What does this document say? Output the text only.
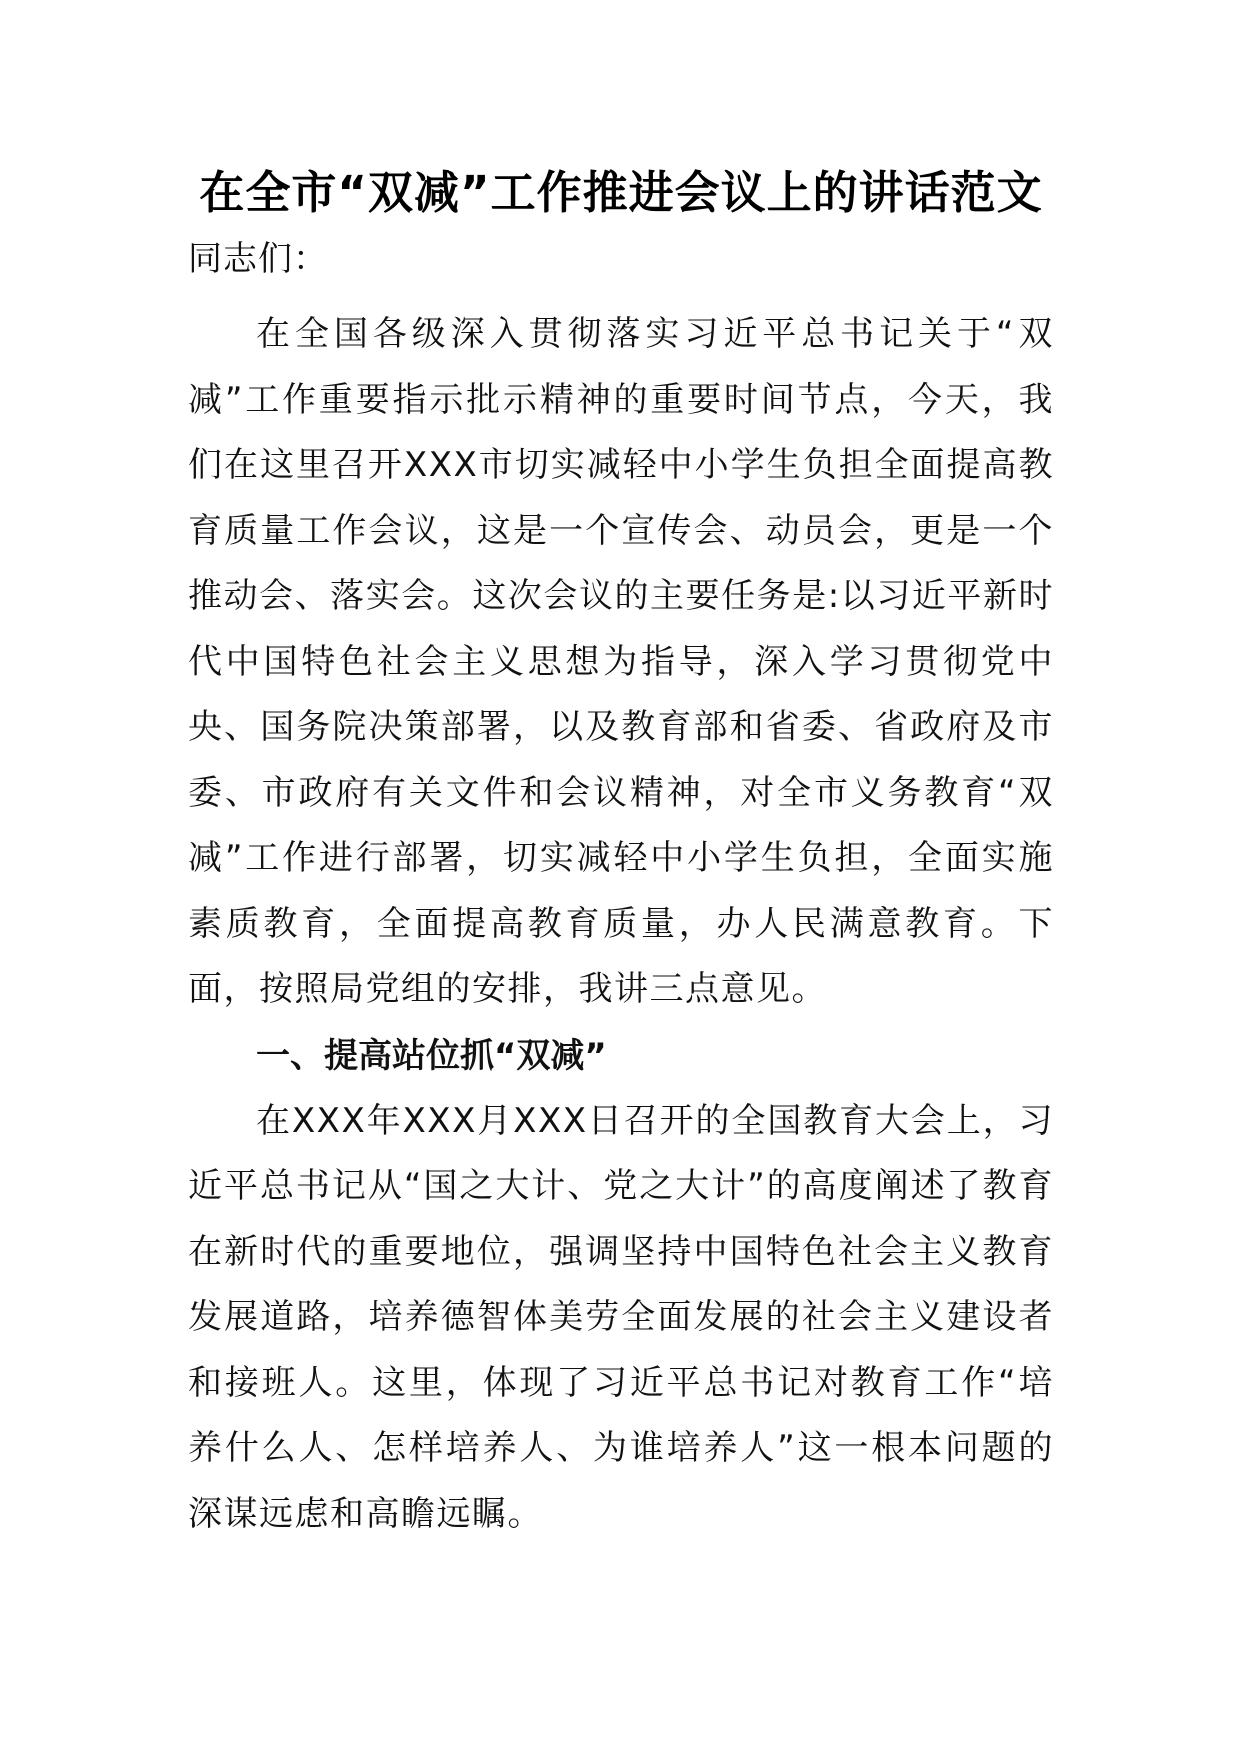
在全市“双减”工作推进会议上的讲话范文

同志们：

在全国各级深入贯彻落实习近平总书记关于“双减”工作重要指示批示精神的重要时间节点，今天，我们在这里召开XXX市切实减轻中小学生负担全面提高教育质量工作会议，这是一个宣传会、动员会，更是一个推动会、落实会。这次会议的主要任务是:以习近平新时代中国特色社会主义思想为指导，深入学习贯彻党中央、国务院决策部署，以及教育部和省委、省政府及市委、市政府有关文件和会议精神，对全市义务教育“双减”工作进行部署，切实减轻中小学生负担，全面实施素质教育，全面提高教育质量，办人民满意教育。下面，按照局党组的安排，我讲三点意见。

一、提高站位抓“双减”

在XXX年XXX月XXX日召开的全国教育大会上，习近平总书记从“国之大计、党之大计”的高度阐述了教育在新时代的重要地位，强调坚持中国特色社会主义教育发展道路，培养德智体美劳全面发展的社会主义建设者和接班人。这里，体现了习近平总书记对教育工作“培养什么人、怎样培养人、为谁培养人”这一根本问题的深谋远虑和高瞻远瞩。
